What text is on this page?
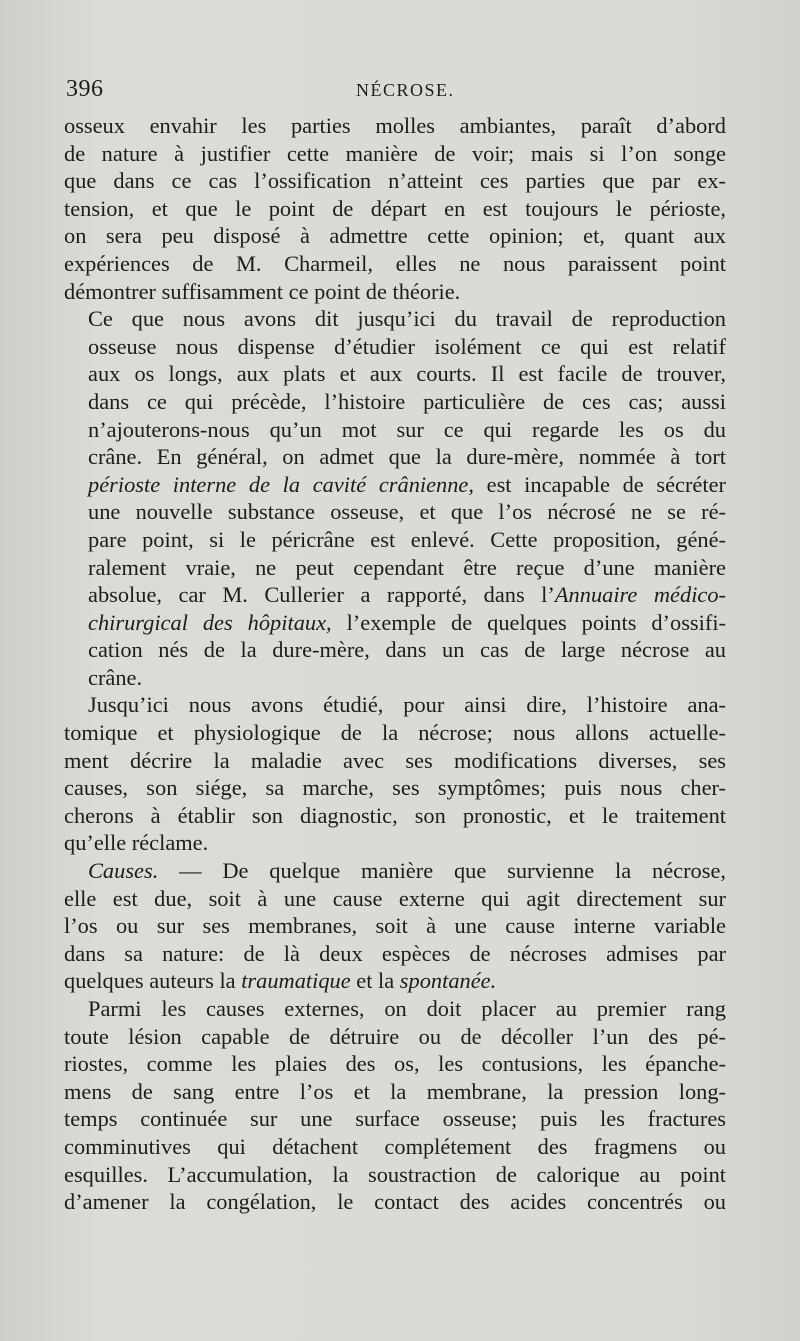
396	NÉCROSE.

osseux envahir les parties molles ambiantes, paraît d’abord
de nature à justifier cette manière de voir; mais si l’on songe
que dans ce cas l’ossification n’atteint ces parties que par ex-
tension, et que le point de départ en est toujours le périoste,
on sera peu disposé à admettre cette opinion; et, quant aux
expériences de M. Charmeil, elles ne nous paraissent point
démontrer suffisamment ce point de théorie.

Ce que nous avons dit jusqu’ici du travail de reproduction
osseuse nous dispense d’étudier isolément ce qui est relatif
aux os longs, aux plats et aux courts. Il est facile de trouver,
dans ce qui précède, l’histoire particulière de ces cas; aussi
n’ajouterons-nous qu’un mot sur ce qui regarde les os du
crâne. En général, on admet que la dure-mère, nommée à tort
périoste interne de la cavité crânienne, est incapable de sécréter
une nouvelle substance osseuse, et que l’os nécrosé ne se ré-
pare point, si le péricrâne est enlevé. Cette proposition, géné-
ralement vraie, ne peut cependant être reçue d’une manière
absolue, car M. Cullerier a rapporté, dans l’Annuaire médico-
chirurgical des hôpitaux, l’exemple de quelques points d’ossifi-
cation nés de la dure-mère, dans un cas de large nécrose au
crâne.

Jusqu’ici nous avons étudié, pour ainsi dire, l’histoire ana-
tomique et physiologique de la nécrose; nous allons actuelle-
ment décrire la maladie avec ses modifications diverses, ses
causes, son siége, sa marche, ses symptômes; puis nous cher-
cherons à établir son diagnostic, son pronostic, et le traitement
qu’elle réclame.

Causes. — De quelque manière que survienne la nécrose,
elle est due, soit à une cause externe qui agit directement sur
l’os ou sur ses membranes, soit à une cause interne variable
dans sa nature: de là deux espèces de nécroses admises par
quelques auteurs la traumatique et la spontanée.

Parmi les causes externes, on doit placer au premier rang
toute lésion capable de détruire ou de décoller l’un des pé-
riostes, comme les plaies des os, les contusions, les épanche-
mens de sang entre l’os et la membrane, la pression long-
temps continuée sur une surface osseuse; puis les fractures
comminutives qui détachent complétement des fragmens ou
esquilles. L’accumulation, la soustraction de calorique au point
d’amener la congélation, le contact des acides concentrés ou
